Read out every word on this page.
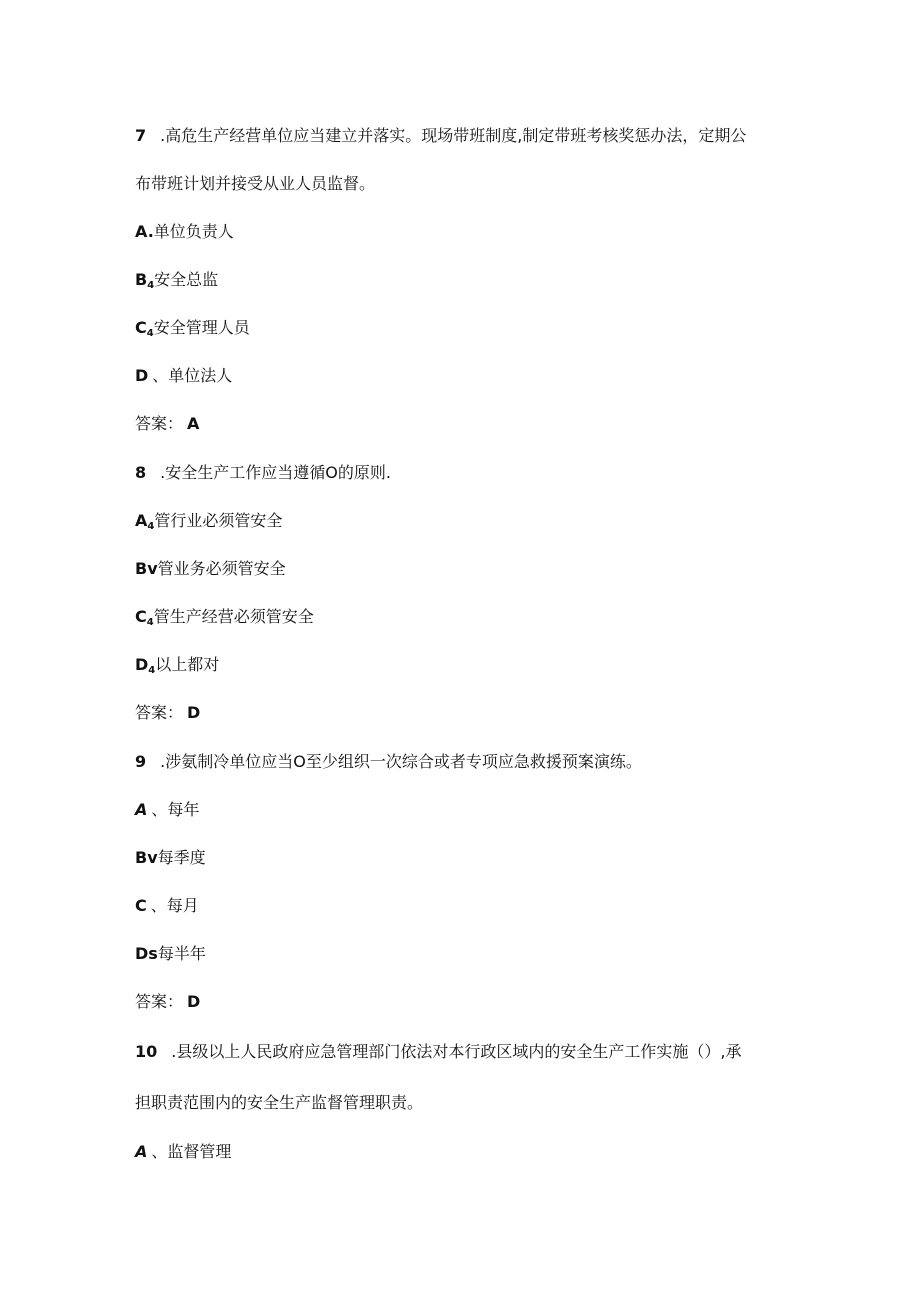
7 .高危生产经营单位应当建立并落实。现场带班制度,制定带班考核奖惩办法，定期公
布带班计划并接受从业人员监督。
A.单位负责人
$B_4$安全总监
$C_4$安全管理人员
D 、单位法人
答案： A
8 .安全生产工作应当遵循O的原则.
$A_4$管行业必须管安全
Bv管业务必须管安全
$C_4$管生产经营必须管安全
$D_4$以上都对
答案： D
9 .涉氨制冷单位应当O至少组织一次综合或者专项应急救援预案演练。
A 、每年
Bv每季度
C 、每月
Ds每半年
答案： D
10 .县级以上人民政府应急管理部门依法对本行政区域内的安全生产工作实施（）,承
担职责范围内的安全生产监督管理职责。
A 、监督管理
